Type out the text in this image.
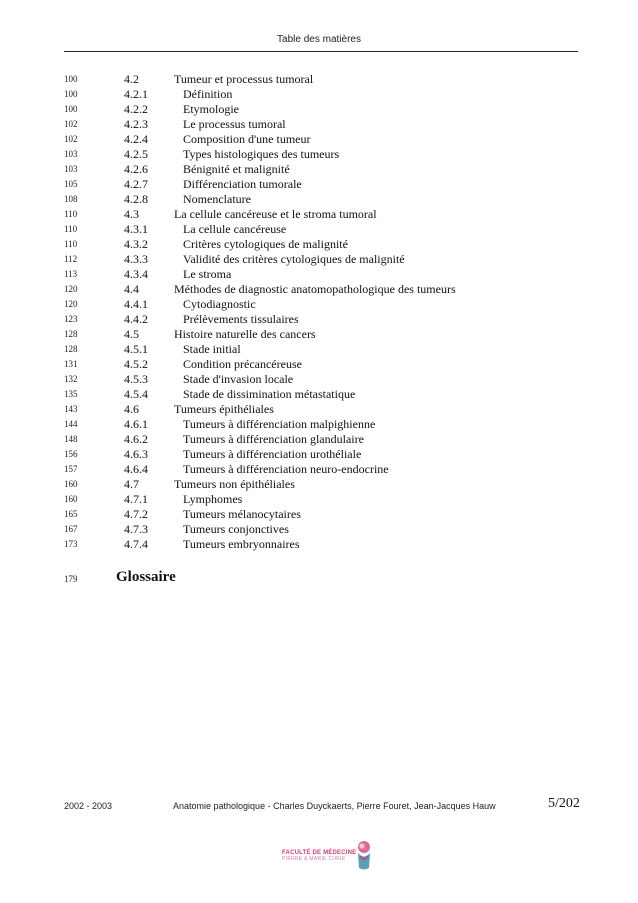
Table des matières
100	4.2	Tumeur et processus tumoral
100	4.2.1	Définition
100	4.2.2	Etymologie
102	4.2.3	Le processus tumoral
102	4.2.4	Composition d'une tumeur
103	4.2.5	Types histologiques des tumeurs
103	4.2.6	Bénignité et malignité
105	4.2.7	Différenciation tumorale
108	4.2.8	Nomenclature
110	4.3	La cellule cancéreuse et le stroma tumoral
110	4.3.1	La cellule cancéreuse
110	4.3.2	Critères cytologiques de malignité
112	4.3.3	Validité des critères cytologiques de malignité
113	4.3.4	Le stroma
120	4.4	Méthodes de diagnostic anatomopathologique des tumeurs
120	4.4.1	Cytodiagnostic
123	4.4.2	Prélèvements tissulaires
128	4.5	Histoire naturelle des cancers
128	4.5.1	Stade initial
131	4.5.2	Condition précancéreuse
132	4.5.3	Stade d'invasion locale
135	4.5.4	Stade de dissimination métastatique
143	4.6	Tumeurs épithéliales
144	4.6.1	Tumeurs à différenciation malpighienne
148	4.6.2	Tumeurs à différenciation glandulaire
156	4.6.3	Tumeurs à différenciation urothéliale
157	4.6.4	Tumeurs à différenciation neuro-endocrine
160	4.7	Tumeurs non épithéliales
160	4.7.1	Lymphomes
165	4.7.2	Tumeurs mélanocytaires
167	4.7.3	Tumeurs conjonctives
173	4.7.4	Tumeurs embryonnaires
179	Glossaire
2002 - 2003	Anatomie pathologique - Charles Duyckaerts, Pierre Fouret, Jean-Jacques Hauw	5/202
FACULTÉ DE MÉDECINE
PIERRE & MARIE CURIE
